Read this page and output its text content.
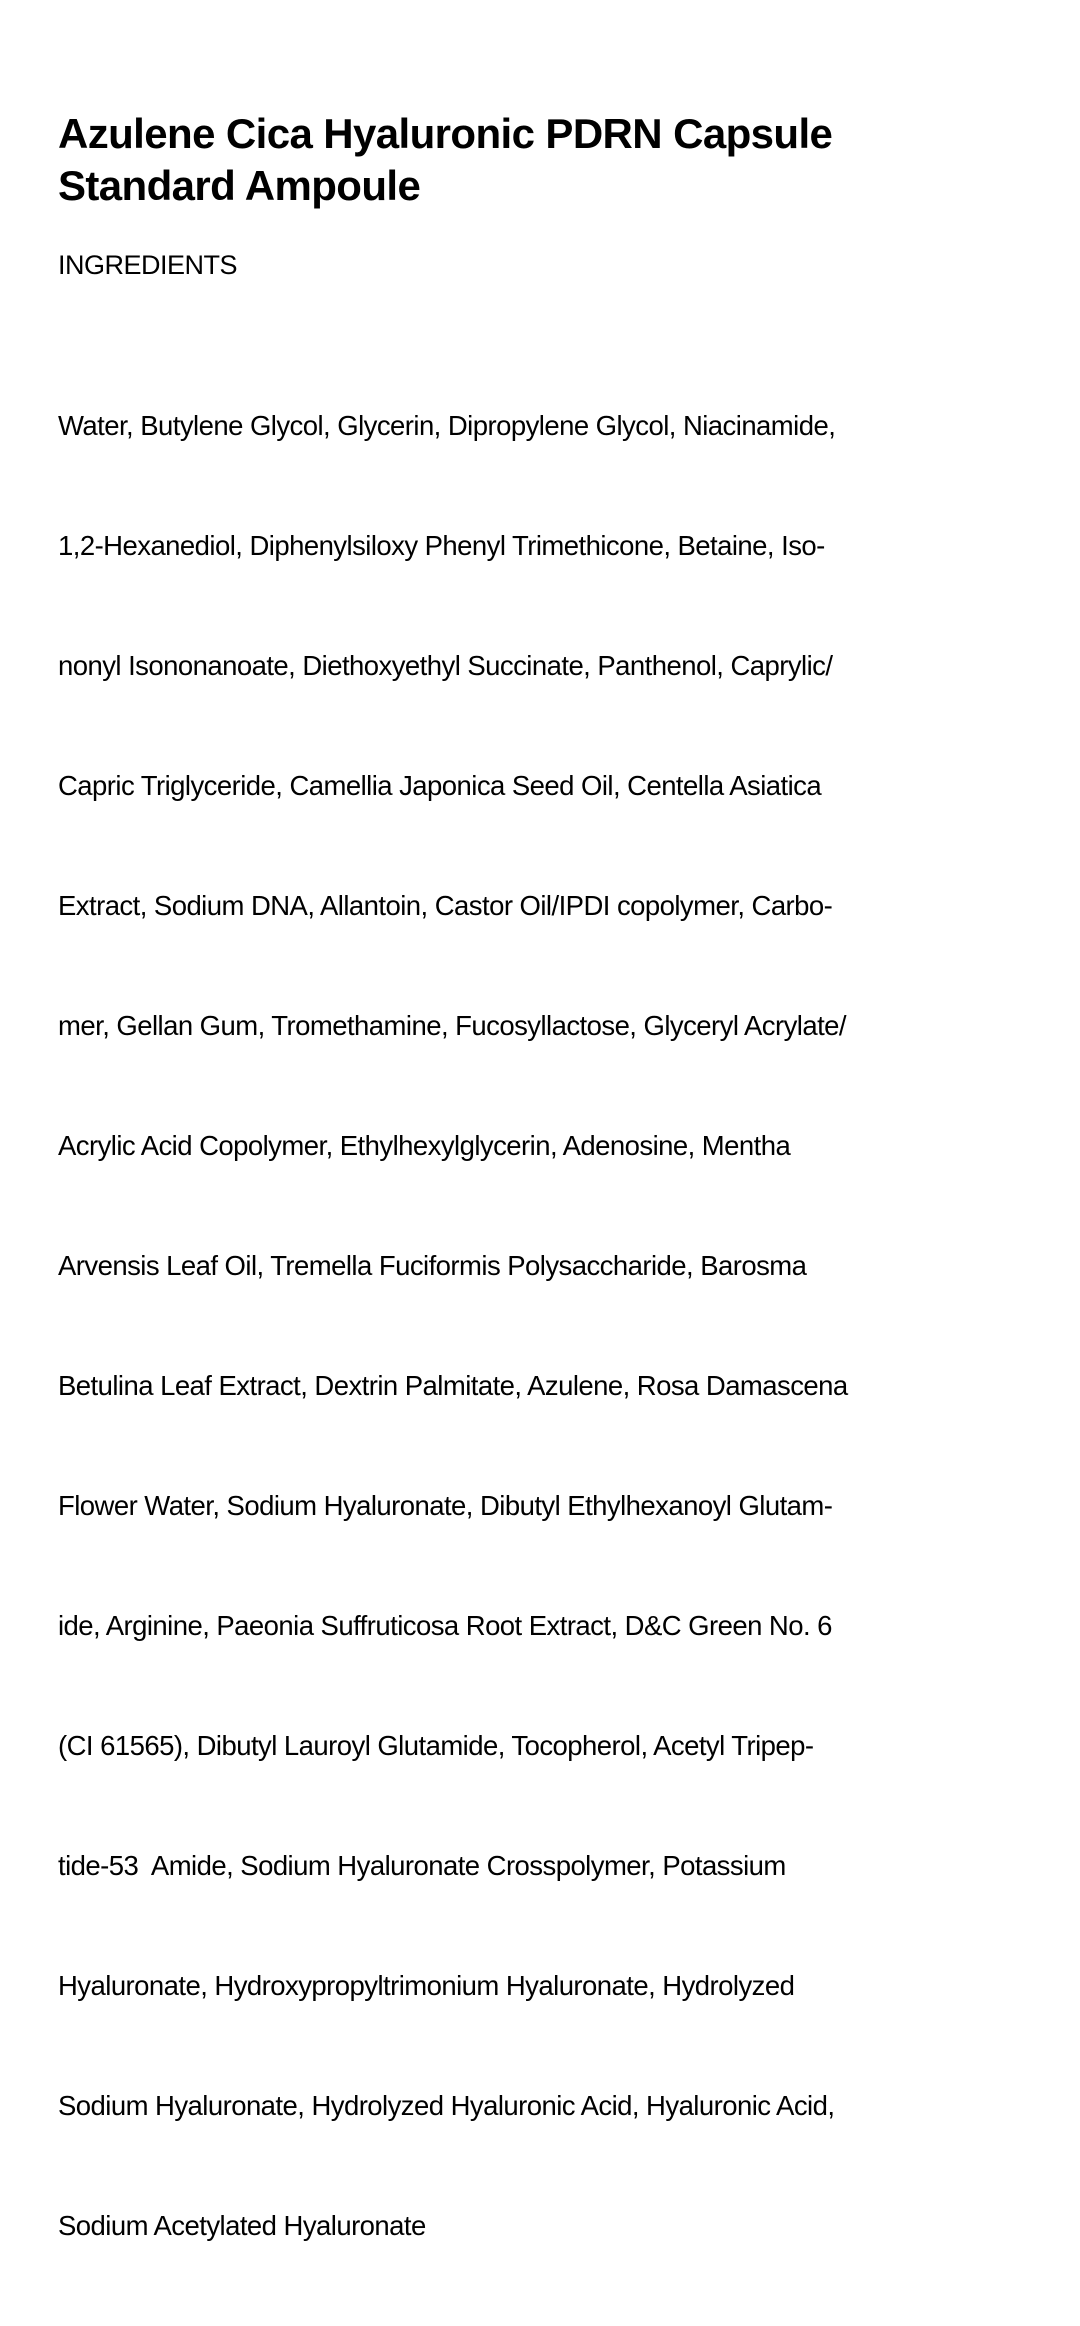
Azulene Cica Hyaluronic PDRN Capsule
Standard Ampoule
INGREDIENTS

Water, Butylene Glycol, Glycerin, Dipropylene Glycol, Niacinamide,

1,2-Hexanediol, Diphenylsiloxy Phenyl Trimethicone, Betaine, Iso-

nonyl Isononanoate, Diethoxyethyl Succinate, Panthenol, Caprylic/

Capric Triglyceride, Camellia Japonica Seed Oil, Centella Asiatica

Extract, Sodium DNA, Allantoin, Castor Oil/IPDI copolymer, Carbo-

mer, Gellan Gum, Tromethamine, Fucosyllactose, Glyceryl Acrylate/

Acrylic Acid Copolymer, Ethylhexylglycerin, Adenosine, Mentha

Arvensis Leaf Oil, Tremella Fuciformis Polysaccharide, Barosma

Betulina Leaf Extract, Dextrin Palmitate, Azulene, Rosa Damascena

Flower Water, Sodium Hyaluronate, Dibutyl Ethylhexanoyl Glutam-

ide, Arginine, Paeonia Suffruticosa Root Extract, D&C Green No. 6

(CI 61565), Dibutyl Lauroyl Glutamide, Tocopherol, Acetyl Tripep-

tide-53  Amide, Sodium Hyaluronate Crosspolymer, Potassium

Hyaluronate, Hydroxypropyltrimonium Hyaluronate, Hydrolyzed

Sodium Hyaluronate, Hydrolyzed Hyaluronic Acid, Hyaluronic Acid,

Sodium Acetylated Hyaluronate
